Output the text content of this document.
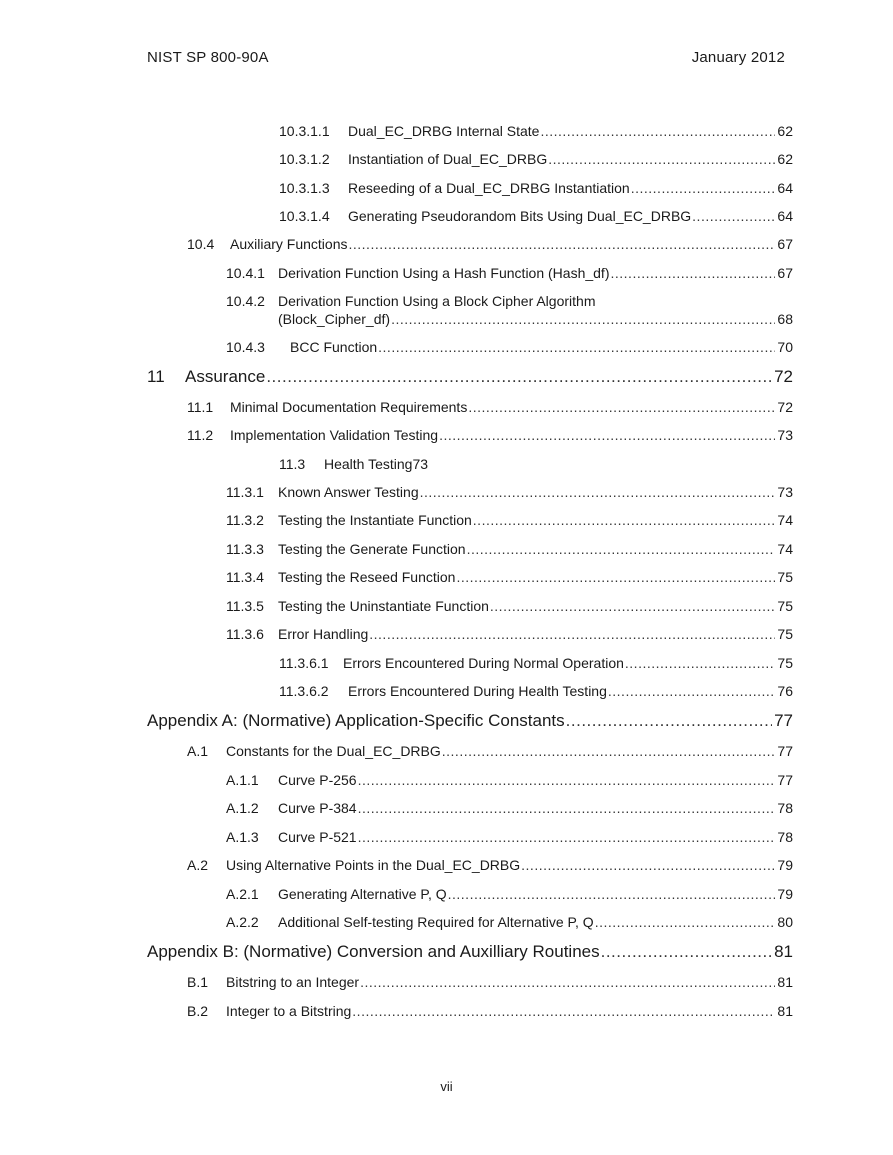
NIST SP 800-90A	January 2012
10.3.1.1	Dual_EC_DRBG Internal State .....	62
10.3.1.2	Instantiation of Dual_EC_DRBG .....	62
10.3.1.3	Reseeding of a Dual_EC_DRBG Instantiation .....	64
10.3.1.4	Generating Pseudorandom Bits Using Dual_EC_DRBG .....	64
10.4	Auxiliary Functions .....	67
10.4.1 Derivation Function Using a Hash Function (Hash_df) .....	67
10.4.2 Derivation Function Using a Block Cipher Algorithm
(Block_Cipher_df) .....	68
10.4.3	BCC Function .....	70
11	Assurance .....	72
11.1	Minimal Documentation Requirements .....	72
11.2	Implementation Validation Testing .....	73
11.3	Health Testing 73
11.3.1	Known Answer Testing .....	73
11.3.2	Testing the Instantiate Function .....	74
11.3.3	Testing the Generate Function .....	74
11.3.4	Testing the Reseed Function .....	75
11.3.5	Testing the Uninstantiate Function .....	75
11.3.6	Error Handling .....	75
11.3.6.1	Errors Encountered During Normal Operation .....	75
11.3.6.2	Errors Encountered During Health Testing .....	76
Appendix A: (Normative) Application-Specific Constants .....	77
A.1	Constants for the Dual_EC_DRBG .....	77
A.1.1	Curve P-256 .....	77
A.1.2	Curve P-384 .....	78
A.1.3	Curve P-521 .....	78
A.2	Using Alternative Points in the Dual_EC_DRBG .....	79
A.2.1	Generating Alternative P, Q .....	79
A.2.2	Additional Self-testing Required for Alternative P, Q .....	80
Appendix B: (Normative) Conversion and Auxilliary Routines .....	81
B.1	Bitstring to an Integer .....	81
B.2	Integer to a Bitstring .....	81
vii
